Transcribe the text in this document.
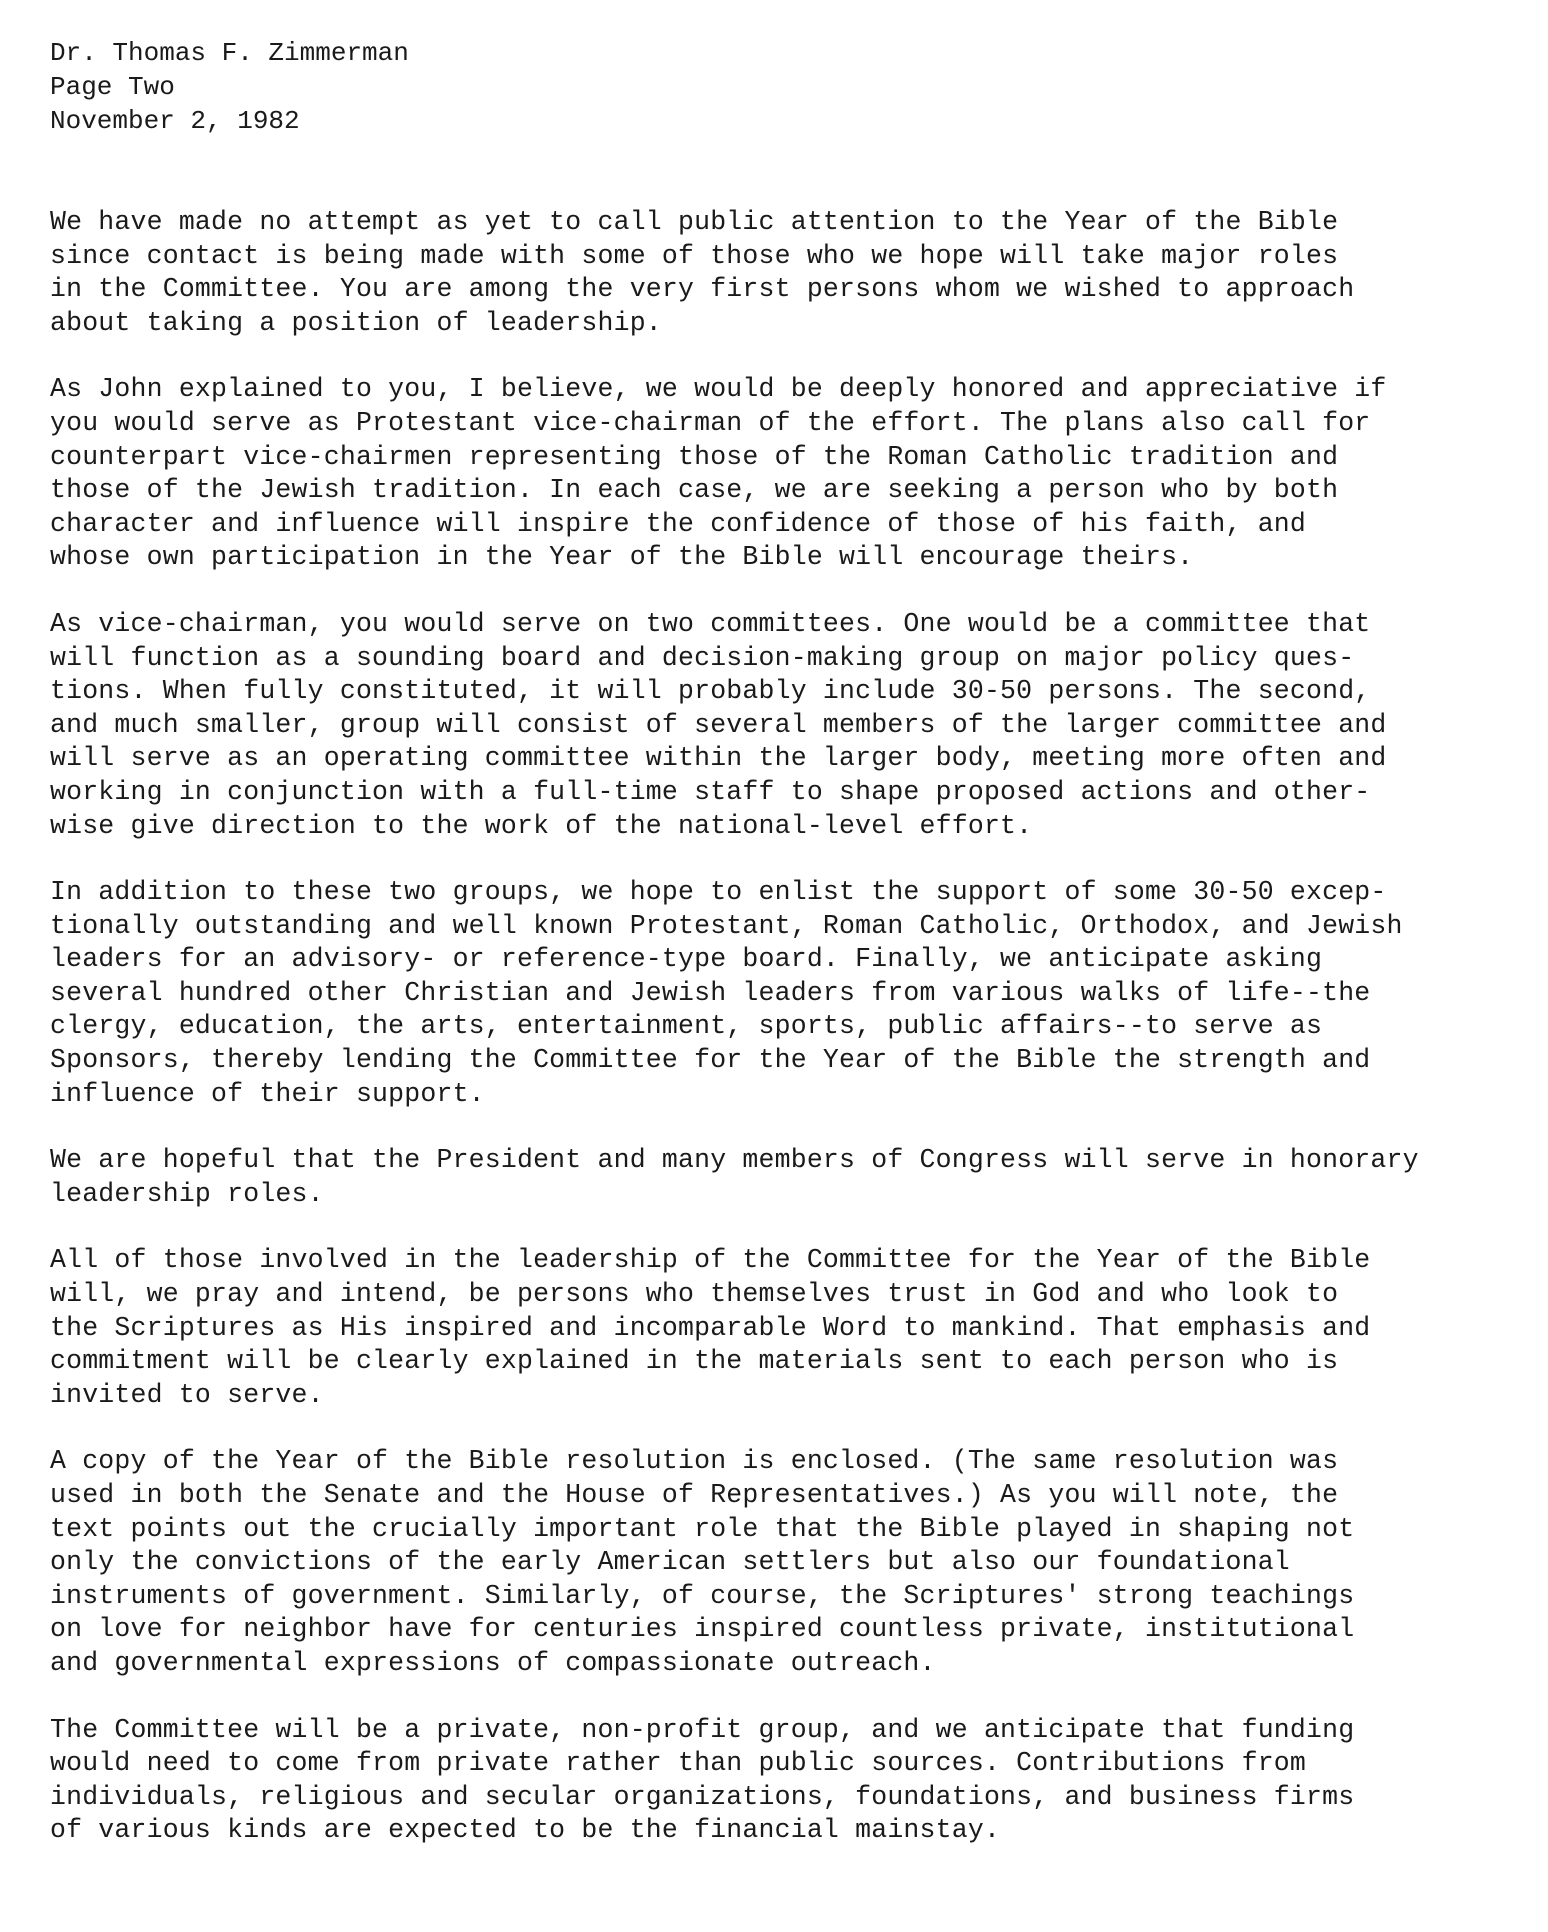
Dr. Thomas F. Zimmerman

Page Two

November 2, 1982

We have made no attempt as yet to call public attention to the Year of the Bible
since contact is being made with some of those who we hope will take major roles
in the Committee. You are among the very first persons whom we wished to approach
about taking a position of leadership.
As John explained to you, I believe, we would be deeply honored and appreciative if
you would serve as Protestant vice-chairman of the effort. The plans also call for
counterpart vice-chairmen representing those of the Roman Catholic tradition and
those of the Jewish tradition. In each case, we are seeking a person who by both
character and influence will inspire the confidence of those of his faith, and
whose own participation in the Year of the Bible will encourage theirs.
As vice-chairman, you would serve on two committees. One would be a committee that
will function as a sounding board and decision-making group on major policy ques-
tions. When fully constituted, it will probably include 30-50 persons. The second,
and much smaller, group will consist of several members of the larger committee and
will serve as an operating committee within the larger body, meeting more often and
working in conjunction with a full-time staff to shape proposed actions and other-
wise give direction to the work of the national-level effort.
In addition to these two groups, we hope to enlist the support of some 30-50 excep-
tionally outstanding and well known Protestant, Roman Catholic, Orthodox, and Jewish
leaders for an advisory- or reference-type board. Finally, we anticipate asking
several hundred other Christian and Jewish leaders from various walks of life--the
clergy, education, the arts, entertainment, sports, public affairs--to serve as
Sponsors, thereby lending the Committee for the Year of the Bible the strength and
influence of their support.
We are hopeful that the President and many members of Congress will serve in honorary
leadership roles.
All of those involved in the leadership of the Committee for the Year of the Bible
will, we pray and intend, be persons who themselves trust in God and who look to
the Scriptures as His inspired and incomparable Word to mankind. That emphasis and
commitment will be clearly explained in the materials sent to each person who is
invited to serve.
A copy of the Year of the Bible resolution is enclosed. (The same resolution was
used in both the Senate and the House of Representatives.) As you will note, the
text points out the crucially important role that the Bible played in shaping not
only the convictions of the early American settlers but also our foundational
instruments of government. Similarly, of course, the Scriptures' strong teachings
on love for neighbor have for centuries inspired countless private, institutional
and governmental expressions of compassionate outreach.
The Committee will be a private, non-profit group, and we anticipate that funding
would need to come from private rather than public sources. Contributions from
individuals, religious and secular organizations, foundations, and business firms
of various kinds are expected to be the financial mainstay.
